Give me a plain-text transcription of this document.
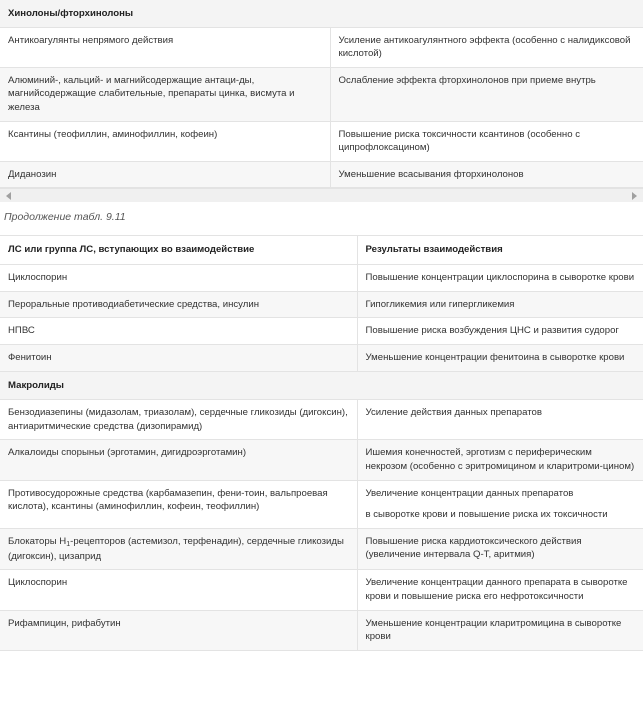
Хинолоны/фторхинолоны	
Антикоагулянты непрямого действия	Усиление антикоагулянтного эффекта (особенно с налидиксовой кислотой)
Алюминий-, кальций- и магнийсодержащие антаци-ды, магнийсодержащие слабительные, препараты цинка, висмута и железа	Ослабление эффекта фторхинолонов при приеме внутрь
Ксантины (теофиллин, аминофиллин, кофеин)	Повышение риска токсичности ксантинов (особенно с ципрофлоксацином)
Диданозин	Уменьшение всасывания фторхинолонов
Продолжение табл. 9.11
ЛС или группа ЛС, вступающих во взаимодействие	Результаты взаимодействия
Циклоспорин	Повышение концентрации циклоспорина в сыворотке крови
Пероральные противодиабетические средства, инсулин	Гипогликемия или гипергликемия
НПВС	Повышение риска возбуждения ЦНС и развития судорог
Фенитоин	Уменьшение концентрации фенитоина в сыворотке крови
Макролиды	
Бензодиазепины (мидазолам, триазолам), сердечные гликозиды (дигоксин), антиаритмические средства (дизопирамид)	Усиление действия данных препаратов
Алкалоиды спорыньи (эрготамин, дигидроэрготамин)	Ишемия конечностей, эрготизм с периферическим некрозом (особенно с эритромицином и кларитроми-цином)
Противосудорожные средства (карбамазепин, фени-тоин, вальпроевая кислота), ксантины (аминофиллин, кофеин, теофиллин)	Увеличение концентрации данных препаратов
в сыворотке крови и повышение риска их токсичности

Блокаторы $H_1$-рецепторов (астемизол, терфенадин), сердечные гликозиды (дигоксин), цизаприд	Повышение риска кардиотоксического действия (увеличение интервала Q-T, аритмия)
Циклоспорин	Увеличение концентрации данного препарата в сыворотке крови и повышение риска его нефротоксичности
Рифампицин, рифабутин	Уменьшение концентрации кларитромицина в сыворотке крови
